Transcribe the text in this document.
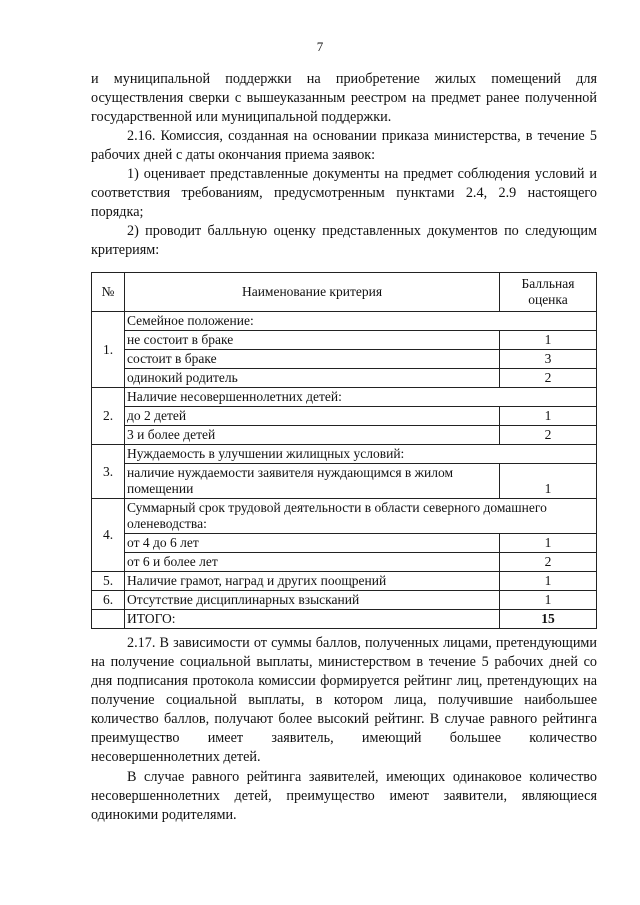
7

и муниципальной поддержки на приобретение жилых помещений для осуществления сверки с вышеуказанным реестром на предмет ранее полученной государственной или муниципальной поддержки.

2.16. Комиссия, созданная на основании приказа министерства, в течение 5 рабочих дней с даты окончания приема заявок:

1) оценивает представленные документы на предмет соблюдения условий и соответствия требованиям, предусмотренным пунктами 2.4, 2.9 настоящего порядка;

2) проводит балльную оценку представленных документов по следующим критериям:

№	Наименование критерия	Балльная оценка
1.	Семейное положение:	
	не состоит в браке	1
	состоит в браке	3
	одинокий родитель	2
2.	Наличие несовершеннолетних детей:	
	до 2 детей	1
	3 и более детей	2
3.	Нуждаемость в улучшении жилищных условий:	
	наличие нуждаемости заявителя нуждающимся в жилом помещении	1
4.	Суммарный срок трудовой деятельности в области северного домашнего оленеводства:	
	от 4 до 6 лет	1
	от 6 и более лет	2
5.	Наличие грамот, наград и других поощрений	1
6.	Отсутствие дисциплинарных взысканий	1
	ИТОГО:	15

2.17. В зависимости от суммы баллов, полученных лицами, претендующими на получение социальной выплаты, министерством в течение 5 рабочих дней со дня подписания протокола комиссии формируется рейтинг лиц, претендующих на получение социальной выплаты, в котором лица, получившие наибольшее количество баллов, получают более высокий рейтинг. В случае равного рейтинга преимущество имеет заявитель, имеющий большее количество несовершеннолетних детей.

В случае равного рейтинга заявителей, имеющих одинаковое количество несовершеннолетних детей, преимущество имеют заявители, являющиеся одинокими родителями.
